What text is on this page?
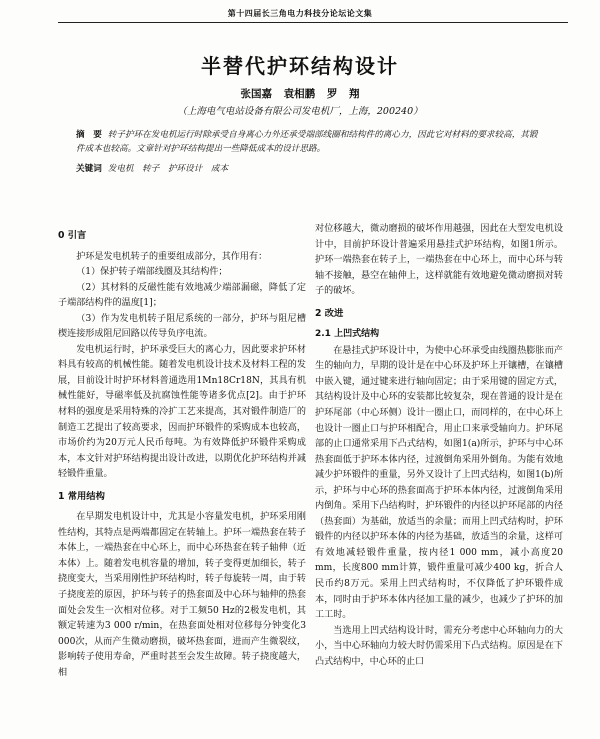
第十四届长三角电力科技分论坛论文集
半替代护环结构设计
张国嘉 袁相鹏 罗 翔
（上海电气电站设备有限公司发电机厂，上海，200240）
摘　要 转子护环在发电机运行时除承受自身离心力外还承受端部线圈和结构件的离心力，因此它对材料的要求较高，其锻件成本也较高。文章针对护环结构提出一些降低成本的设计思路。
关键词 发电机　转子　护环设计　成本
0 引言

护环是发电机转子的重要组成部分，其作用有：

（1）保护转子端部线圈及其结构件；

（2）其材料的反磁性能有效地减少端部漏磁，降低了定子端部结构件的温度[1]；

（3）作为发电机转子阻尼系统的一部分，护环与阻尼槽楔连接形成阻尼回路以传导负序电流。

发电机运行时，护环承受巨大的离心力，因此要求护环材料具有较高的机械性能。随着发电机设计技术及材料工程的发展，目前设计时护环材料普通选用1Mn18Cr18N，其具有机械性能好，导磁率低及抗腐蚀性能等诸多优点[2]。由于护环材料的强度是采用特殊的冷扩工艺来提高，其对锻件制造厂的制造工艺提出了较高要求，因而护环锻件的采购成本也较高，市场价约为20万元人民币每吨。为有效降低护环锻件采购成本，本文针对护环结构提出设计改进，以期优化护环结构并减轻锻件重量。

1 常用结构

在早期发电机设计中，尤其是小容量发电机，护环采用刚性结构，其特点是两端都固定在转轴上。护环一端热套在转子本体上，一端热套在中心环上，而中心环热套在转子轴伸（近本体）上。随着发电机容量的增加，转子变得更加细长，转子挠度变大，当采用刚性护环结构时，转子每旋转一周，由于转子挠度差的原因，护环与转子的热套面及中心环与轴伸的热套面处会发生一次相对位移。对于工频50 Hz的2极发电机，其额定转速为3 000 r/min，在热套面处相对位移每分钟变化3 000次，从而产生微动磨损，破坏热套面，进而产生微裂纹，影响转子使用寿命，严重时甚至会发生故障。转子挠度越大，相

对位移越大，微动磨损的破坏作用越强，因此在大型发电机设计中，目前护环设计普遍采用悬挂式护环结构，如图1所示。护环一端热套在转子上，一端热套在中心环上，而中心环与转轴不接触，悬空在轴伸上，这样就能有效地避免微动磨损对转子的破坏。

2 改进
2.1 上凹式结构

在悬挂式护环设计中，为使中心环承受由线圈热膨胀而产生的轴向力，早期的设计是在中心环及护环上开镶槽，在镶槽中嵌入键，通过键来进行轴向固定；由于采用键的固定方式，其结构设计及中心环的安装都比较复杂，现在普通的设计是在护环尾部（中心环侧）设计一圈止口，而同样的，在中心环上也设计一圈止口与护环相配合，用止口来承受轴向力。护环尾部的止口通常采用下凸式结构，如图1(a)所示，护环与中心环热套面低于护环本体内径，过渡倒角采用外倒角。为能有效地减少护环锻件的重量，另外又设计了上凹式结构，如图1(b)所示，护环与中心环的热套面高于护环本体内径，过渡倒角采用内倒角。采用下凸结构时，护环锻件的内径以护环尾部的内径（热套面）为基础，放适当的余量；而用上凹式结构时，护环锻件的内径以护环本体的内径为基础，放适当的余量，这样可有效地减轻锻件重量，按内径1 000 mm，减小高度20 mm，长度800 mm计算，锻件重量可减少400 kg，折合人民币约8万元。采用上凹式结构时，不仅降低了护环锻件成本，同时由于护环本体内径加工量的减少，也减少了护环的加工工时。

当选用上凹式结构设计时，需充分考虑中心环轴向力的大小，当中心环轴向力较大时仍需采用下凸式结构。原因是在下凸式结构中，中心环的止口
